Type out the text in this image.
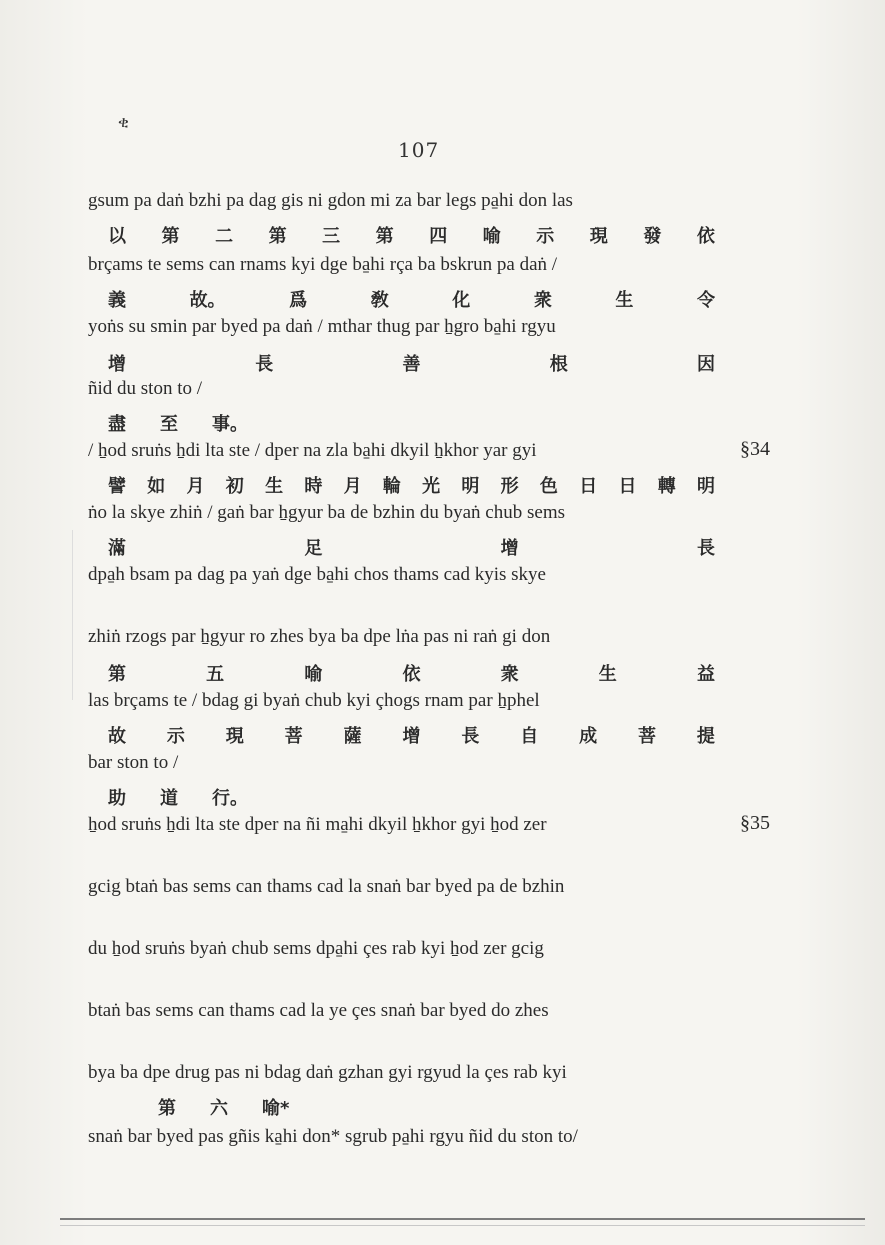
ቂ
107
gsum pa daṅ bzhi pa dag gis ni gdon mi za bar legs pa̱hi don las
以 第 二 第 三 第 四 喻 示 現 發 依
brçams te sems can rnams kyi dge ba̱hi rça ba bskrun pa daṅ /
義	故。	爲	敎	化	衆	生	令
yoṅs su smin par byed pa daṅ / mthar thug par ẖgro ba̱hi rgyu
增	長	善	根	因
ñid du ston to /
盡 至 事。
/ ẖod sruṅs ẖdi lta ste / dper na zla ba̱hi dkyil ẖkhor yar gyi	§34
譬 如 月 初 生 時 月 輪 光 明 形 色 日 日 轉 明
ṅo la skye zhiṅ / gaṅ bar ẖgyur ba de bzhin du byaṅ chub sems
滿	足	增	長
dpa̱h bsam pa dag pa yaṅ dge ba̱hi chos thams cad kyis skye
zhiṅ rzogs par ẖgyur ro zhes bya ba dpe lṅa pas ni raṅ gi don
第	五	喻	依	衆	生	益
las brçams te / bdag gi byaṅ chub kyi çhogs rnam par ẖphel
故 示 現 菩 薩 增 長 自 成 菩 提
bar ston to /
助 道 行。
ẖod sruṅs ẖdi lta ste dper na ñi ma̱hi dkyil ẖkhor gyi ẖod zer	§35
gcig btaṅ bas sems can thams cad la snaṅ bar byed pa de bzhin
du ẖod sruṅs byaṅ chub sems dpa̱hi çes rab kyi ẖod zer gcig
btaṅ bas sems can thams cad la ye çes snaṅ bar byed do zhes
bya ba dpe drug pas ni bdag daṅ gzhan gyi rgyud la çes rab kyi
第 六 喻*
snaṅ bar byed pas gñis ka̱hi don* sgrub pa̱hi rgyu ñid du ston to/
